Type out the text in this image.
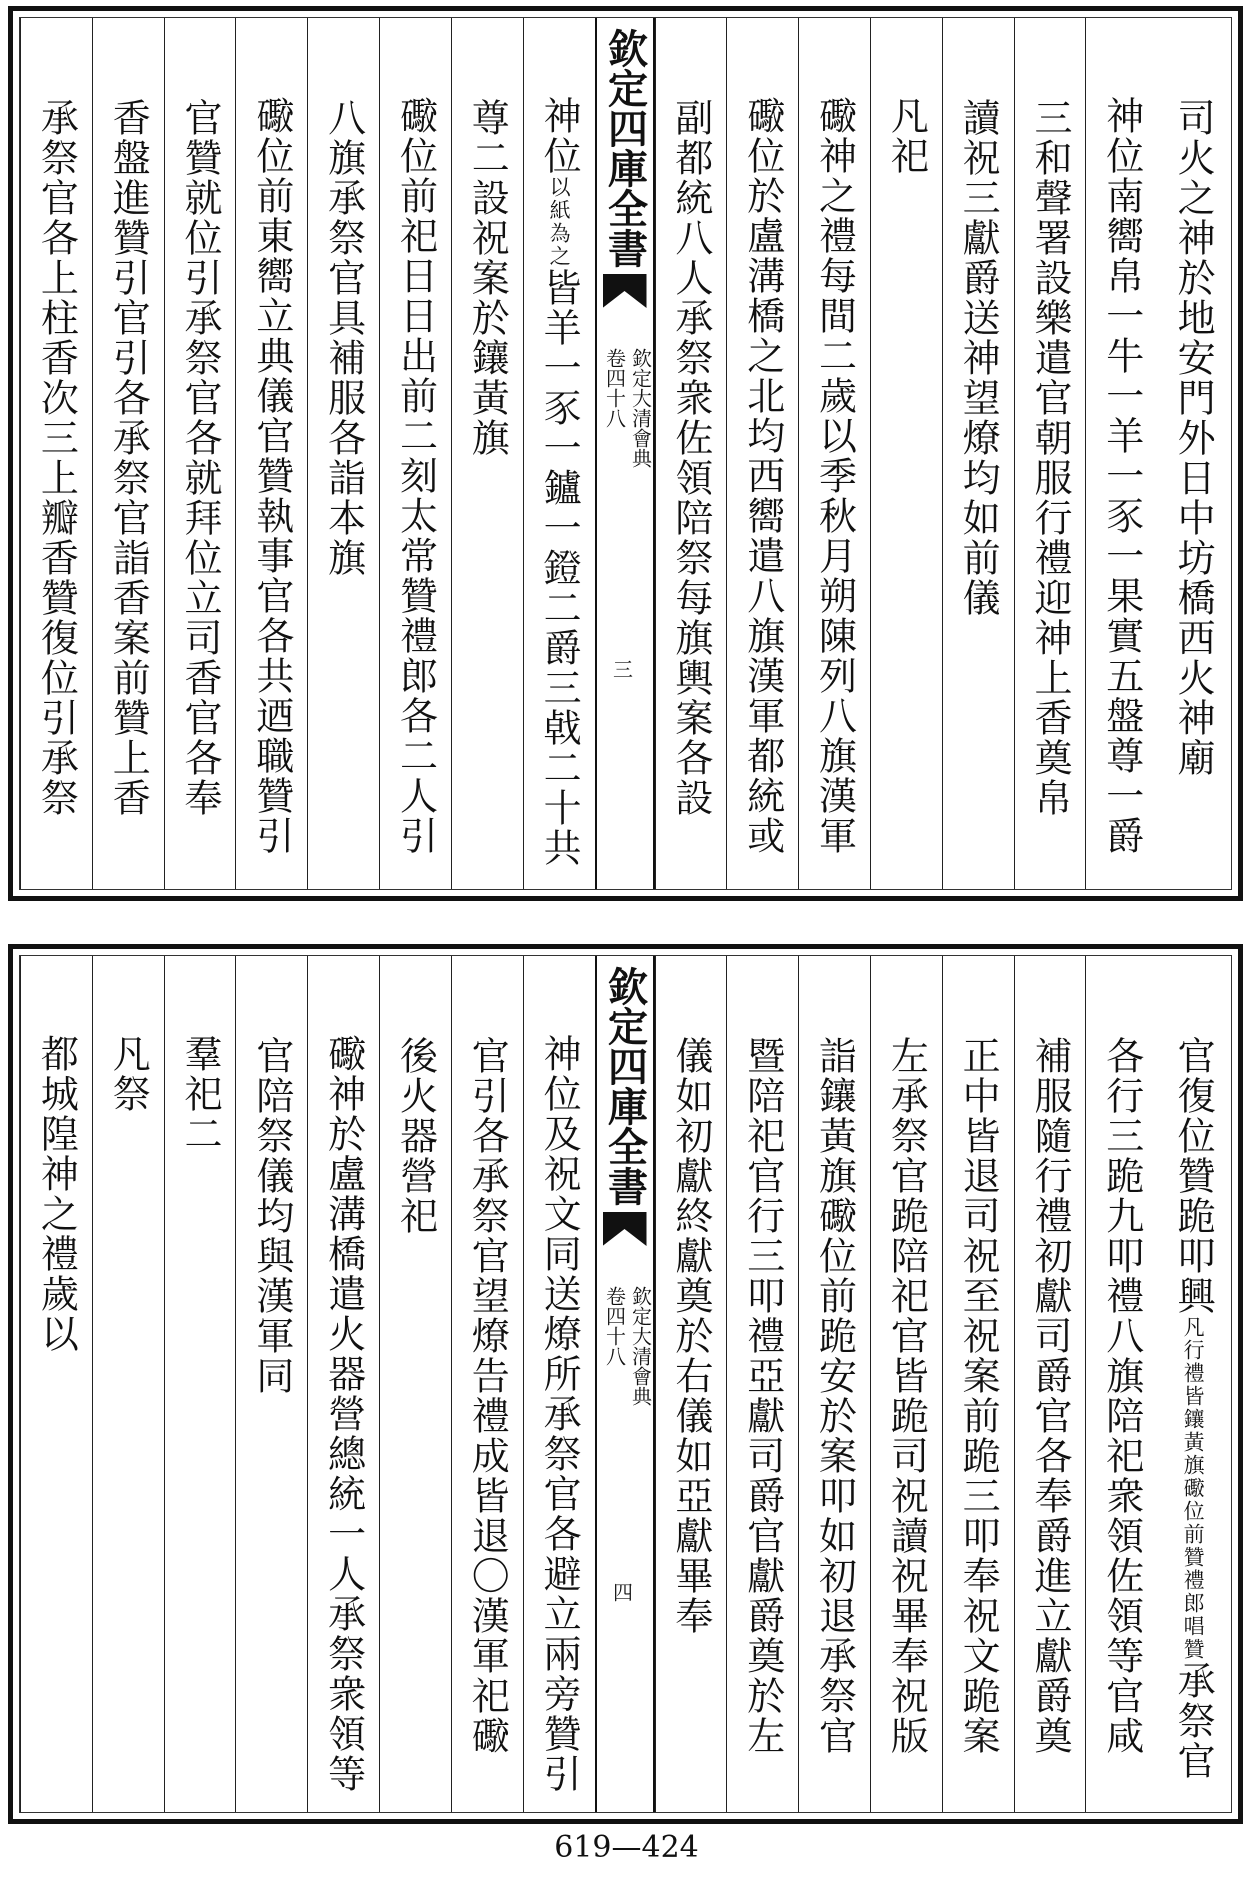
司火之神於地安門外日中坊橋西火神廟
神位南嚮帛一牛一羊一豕一果實五盤尊一爵
三和聲署設樂遣官朝服行禮迎神上香奠帛
讀祝三獻爵送神望燎均如前儀
凡祀
礮神之禮每間二歲以季秋月朔陳列八旗漢軍
礮位於盧溝橋之北均西嚮遣八旗漢軍都統或
副都統八人承祭衆佐領陪祭每旗輿案各設
欽定四庫全書
欽定大清會典
卷四十八
三
神位以紙為之皆羊一豕一鑪一鐙二爵三㦸二十共
尊二設祝案於鑲黃旗
礮位前祀日日出前二刻太常贊禮郎各二人引
八旗承祭官具補服各詣本旗
礮位前東嚮立典儀官贊執事官各共迺職贊引
官贊就位引承祭官各就拜位立司香官各奉
香盤進贊引官引各承祭官詣香案前贊上香
承祭官各上柱香次三上瓣香贊復位引承祭
官復位贊跪叩興凡行禮皆鑲黃旗礮位前贊禮郎唱贊承祭官
各行三跪九叩禮八旗陪祀衆領佐領等官咸
補服隨行禮初獻司爵官各奉爵進立獻爵奠
正中皆退司祝至祝案前跪三叩奉祝文跪案
左承祭官跪陪祀官皆跪司祝讀祝畢奉祝版
詣鑲黃旗礮位前跪安於案叩如初退承祭官
暨陪祀官行三叩禮亞獻司爵官獻爵奠於左
儀如初獻終獻奠於右儀如亞獻畢奉
欽定四庫全書
欽定大清會典
卷四十八
四
神位及祝文同送燎所承祭官各避立兩旁贊引
官引各承祭官望燎告禮成皆退〇漢軍祀礮
後火器營祀
礮神於盧溝橋遣火器營總統一人承祭衆領等
官陪祭儀均與漢軍同
羣祀二
凡祭
都城隍神之禮歲以
619—424
